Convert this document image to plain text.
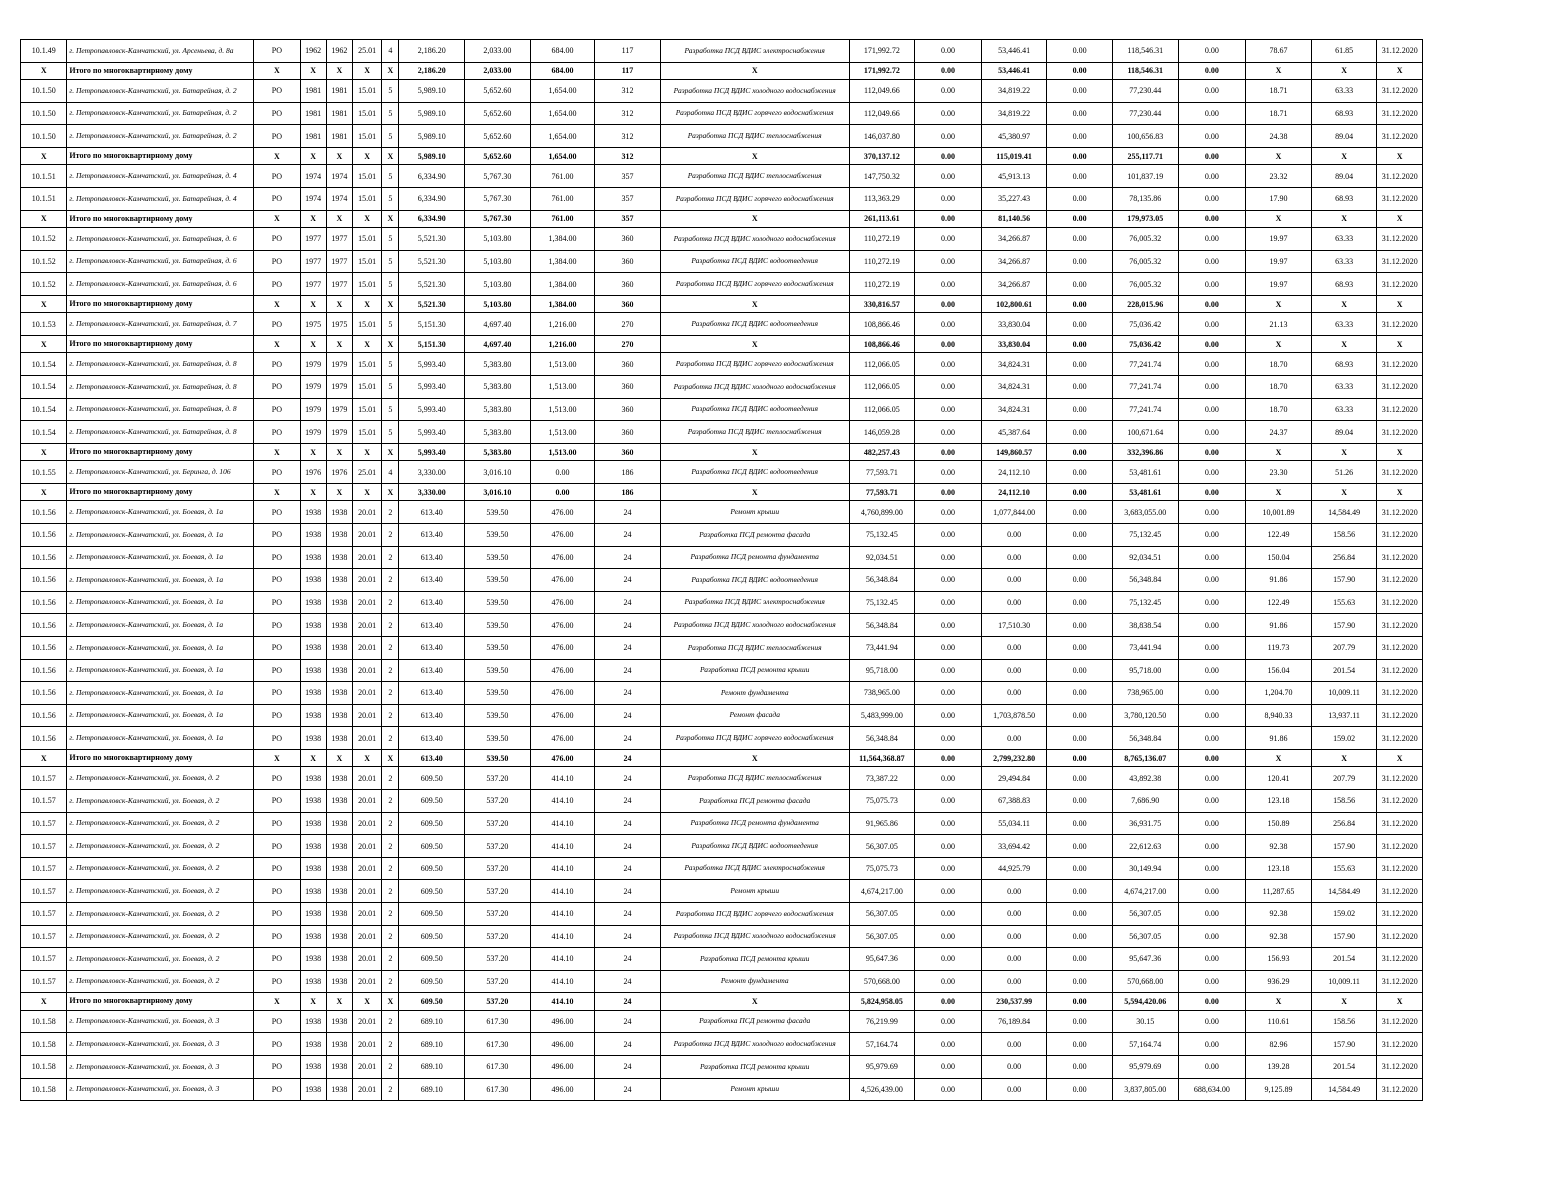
10.1.49	г. Петропавловск-Камчатский, ул. Арсеньева, д. 8а	РО	1962	1962	25.01	4	2,186.20	2,033.00	684.00	117	Разработка ПСД ВДИС электроснабжения	171,992.72	0.00	53,446.41	0.00	118,546.31	0.00	78.67	61.85	31.12.2020
X	Итого по многоквартирному дому	X	X	X	X	X	2,186.20	2,033.00	684.00	117	X	171,992.72	0.00	53,446.41	0.00	118,546.31	0.00	X	X	X
10.1.50	г. Петропавловск-Камчатский, ул. Батарейная, д. 2	РО	1981	1981	15.01	5	5,989.10	5,652.60	1,654.00	312	Разработка ПСД ВДИС холодного водоснабжения	112,049.66	0.00	34,819.22	0.00	77,230.44	0.00	18.71	63.33	31.12.2020
10.1.50	г. Петропавловск-Камчатский, ул. Батарейная, д. 2	РО	1981	1981	15.01	5	5,989.10	5,652.60	1,654.00	312	Разработка ПСД ВДИС горячего водоснабжения	112,049.66	0.00	34,819.22	0.00	77,230.44	0.00	18.71	68.93	31.12.2020
10.1.50	г. Петропавловск-Камчатский, ул. Батарейная, д. 2	РО	1981	1981	15.01	5	5,989.10	5,652.60	1,654.00	312	Разработка ПСД ВДИС теплоснабжения	146,037.80	0.00	45,380.97	0.00	100,656.83	0.00	24.38	89.04	31.12.2020
X	Итого по многоквартирному дому	X	X	X	X	X	5,989.10	5,652.60	1,654.00	312	X	370,137.12	0.00	115,019.41	0.00	255,117.71	0.00	X	X	X
10.1.51	г. Петропавловск-Камчатский, ул. Батарейная, д. 4	РО	1974	1974	15.01	5	6,334.90	5,767.30	761.00	357	Разработка ПСД ВДИС теплоснабжения	147,750.32	0.00	45,913.13	0.00	101,837.19	0.00	23.32	89.04	31.12.2020
10.1.51	г. Петропавловск-Камчатский, ул. Батарейная, д. 4	РО	1974	1974	15.01	5	6,334.90	5,767.30	761.00	357	Разработка ПСД ВДИС горячего водоснабжения	113,363.29	0.00	35,227.43	0.00	78,135.86	0.00	17.90	68.93	31.12.2020
X	Итого по многоквартирному дому	X	X	X	X	X	6,334.90	5,767.30	761.00	357	X	261,113.61	0.00	81,140.56	0.00	179,973.05	0.00	X	X	X
10.1.52	г. Петропавловск-Камчатский, ул. Батарейная, д. 6	РО	1977	1977	15.01	5	5,521.30	5,103.80	1,384.00	360	Разработка ПСД ВДИС холодного водоснабжения	110,272.19	0.00	34,266.87	0.00	76,005.32	0.00	19.97	63.33	31.12.2020
10.1.52	г. Петропавловск-Камчатский, ул. Батарейная, д. 6	РО	1977	1977	15.01	5	5,521.30	5,103.80	1,384.00	360	Разработка ПСД ВДИС водоотведения	110,272.19	0.00	34,266.87	0.00	76,005.32	0.00	19.97	63.33	31.12.2020
10.1.52	г. Петропавловск-Камчатский, ул. Батарейная, д. 6	РО	1977	1977	15.01	5	5,521.30	5,103.80	1,384.00	360	Разработка ПСД ВДИС горячего водоснабжения	110,272.19	0.00	34,266.87	0.00	76,005.32	0.00	19.97	68.93	31.12.2020
X	Итого по многоквартирному дому	X	X	X	X	X	5,521.30	5,103.80	1,384.00	360	X	330,816.57	0.00	102,800.61	0.00	228,015.96	0.00	X	X	X
10.1.53	г. Петропавловск-Камчатский, ул. Батарейная, д. 7	РО	1975	1975	15.01	5	5,151.30	4,697.40	1,216.00	270	Разработка ПСД ВДИС водоотведения	108,866.46	0.00	33,830.04	0.00	75,036.42	0.00	21.13	63.33	31.12.2020
X	Итого по многоквартирному дому	X	X	X	X	X	5,151.30	4,697.40	1,216.00	270	X	108,866.46	0.00	33,830.04	0.00	75,036.42	0.00	X	X	X
10.1.54	г. Петропавловск-Камчатский, ул. Батарейная, д. 8	РО	1979	1979	15.01	5	5,993.40	5,383.80	1,513.00	360	Разработка ПСД ВДИС горячего водоснабжения	112,066.05	0.00	34,824.31	0.00	77,241.74	0.00	18.70	68.93	31.12.2020
10.1.54	г. Петропавловск-Камчатский, ул. Батарейная, д. 8	РО	1979	1979	15.01	5	5,993.40	5,383.80	1,513.00	360	Разработка ПСД ВДИС холодного водоснабжения	112,066.05	0.00	34,824.31	0.00	77,241.74	0.00	18.70	63.33	31.12.2020
10.1.54	г. Петропавловск-Камчатский, ул. Батарейная, д. 8	РО	1979	1979	15.01	5	5,993.40	5,383.80	1,513.00	360	Разработка ПСД ВДИС водоотведения	112,066.05	0.00	34,824.31	0.00	77,241.74	0.00	18.70	63.33	31.12.2020
10.1.54	г. Петропавловск-Камчатский, ул. Батарейная, д. 8	РО	1979	1979	15.01	5	5,993.40	5,383.80	1,513.00	360	Разработка ПСД ВДИС теплоснабжения	146,059.28	0.00	45,387.64	0.00	100,671.64	0.00	24.37	89.04	31.12.2020
X	Итого по многоквартирному дому	X	X	X	X	X	5,993.40	5,383.80	1,513.00	360	X	482,257.43	0.00	149,860.57	0.00	332,396.86	0.00	X	X	X
10.1.55	г. Петропавловск-Камчатский, ул. Беринга, д. 106	РО	1976	1976	25.01	4	3,330.00	3,016.10	0.00	186	Разработка ПСД ВДИС водоотведения	77,593.71	0.00	24,112.10	0.00	53,481.61	0.00	23.30	51.26	31.12.2020
X	Итого по многоквартирному дому	X	X	X	X	X	3,330.00	3,016.10	0.00	186	X	77,593.71	0.00	24,112.10	0.00	53,481.61	0.00	X	X	X
10.1.56	г. Петропавловск-Камчатский, ул. Боевая, д. 1а	РО	1938	1938	20.01	2	613.40	539.50	476.00	24	Ремонт крыши	4,760,899.00	0.00	1,077,844.00	0.00	3,683,055.00	0.00	10,001.89	14,584.49	31.12.2020
10.1.56	г. Петропавловск-Камчатский, ул. Боевая, д. 1а	РО	1938	1938	20.01	2	613.40	539.50	476.00	24	Разработка ПСД ремонта фасада	75,132.45	0.00	0.00	0.00	75,132.45	0.00	122.49	158.56	31.12.2020
10.1.56	г. Петропавловск-Камчатский, ул. Боевая, д. 1а	РО	1938	1938	20.01	2	613.40	539.50	476.00	24	Разработка ПСД ремонта фундамента	92,034.51	0.00	0.00	0.00	92,034.51	0.00	150.04	256.84	31.12.2020
10.1.56	г. Петропавловск-Камчатский, ул. Боевая, д. 1а	РО	1938	1938	20.01	2	613.40	539.50	476.00	24	Разработка ПСД ВДИС водоотведения	56,348.84	0.00	0.00	0.00	56,348.84	0.00	91.86	157.90	31.12.2020
10.1.56	г. Петропавловск-Камчатский, ул. Боевая, д. 1а	РО	1938	1938	20.01	2	613.40	539.50	476.00	24	Разработка ПСД ВДИС электроснабжения	75,132.45	0.00	0.00	0.00	75,132.45	0.00	122.49	155.63	31.12.2020
10.1.56	г. Петропавловск-Камчатский, ул. Боевая, д. 1а	РО	1938	1938	20.01	2	613.40	539.50	476.00	24	Разработка ПСД ВДИС холодного водоснабжения	56,348.84	0.00	17,510.30	0.00	38,838.54	0.00	91.86	157.90	31.12.2020
10.1.56	г. Петропавловск-Камчатский, ул. Боевая, д. 1а	РО	1938	1938	20.01	2	613.40	539.50	476.00	24	Разработка ПСД ВДИС теплоснабжения	73,441.94	0.00	0.00	0.00	73,441.94	0.00	119.73	207.79	31.12.2020
10.1.56	г. Петропавловск-Камчатский, ул. Боевая, д. 1а	РО	1938	1938	20.01	2	613.40	539.50	476.00	24	Разработка ПСД ремонта крыши	95,718.00	0.00	0.00	0.00	95,718.00	0.00	156.04	201.54	31.12.2020
10.1.56	г. Петропавловск-Камчатский, ул. Боевая, д. 1а	РО	1938	1938	20.01	2	613.40	539.50	476.00	24	Ремонт фундамента	738,965.00	0.00	0.00	0.00	738,965.00	0.00	1,204.70	10,009.11	31.12.2020
10.1.56	г. Петропавловск-Камчатский, ул. Боевая, д. 1а	РО	1938	1938	20.01	2	613.40	539.50	476.00	24	Ремонт фасада	5,483,999.00	0.00	1,703,878.50	0.00	3,780,120.50	0.00	8,940.33	13,937.11	31.12.2020
10.1.56	г. Петропавловск-Камчатский, ул. Боевая, д. 1а	РО	1938	1938	20.01	2	613.40	539.50	476.00	24	Разработка ПСД ВДИС горячего водоснабжения	56,348.84	0.00	0.00	0.00	56,348.84	0.00	91.86	159.02	31.12.2020
X	Итого по многоквартирному дому	X	X	X	X	X	613.40	539.50	476.00	24	X	11,564,368.87	0.00	2,799,232.80	0.00	8,765,136.07	0.00	X	X	X
10.1.57	г. Петропавловск-Камчатский, ул. Боевая, д. 2	РО	1938	1938	20.01	2	609.50	537.20	414.10	24	Разработка ПСД ВДИС теплоснабжения	73,387.22	0.00	29,494.84	0.00	43,892.38	0.00	120.41	207.79	31.12.2020
10.1.57	г. Петропавловск-Камчатский, ул. Боевая, д. 2	РО	1938	1938	20.01	2	609.50	537.20	414.10	24	Разработка ПСД ремонта фасада	75,075.73	0.00	67,388.83	0.00	7,686.90	0.00	123.18	158.56	31.12.2020
10.1.57	г. Петропавловск-Камчатский, ул. Боевая, д. 2	РО	1938	1938	20.01	2	609.50	537.20	414.10	24	Разработка ПСД ремонта фундамента	91,965.86	0.00	55,034.11	0.00	36,931.75	0.00	150.89	256.84	31.12.2020
10.1.57	г. Петропавловск-Камчатский, ул. Боевая, д. 2	РО	1938	1938	20.01	2	609.50	537.20	414.10	24	Разработка ПСД ВДИС водоотведения	56,307.05	0.00	33,694.42	0.00	22,612.63	0.00	92.38	157.90	31.12.2020
10.1.57	г. Петропавловск-Камчатский, ул. Боевая, д. 2	РО	1938	1938	20.01	2	609.50	537.20	414.10	24	Разработка ПСД ВДИС электроснабжения	75,075.73	0.00	44,925.79	0.00	30,149.94	0.00	123.18	155.63	31.12.2020
10.1.57	г. Петропавловск-Камчатский, ул. Боевая, д. 2	РО	1938	1938	20.01	2	609.50	537.20	414.10	24	Ремонт крыши	4,674,217.00	0.00	0.00	0.00	4,674,217.00	0.00	11,287.65	14,584.49	31.12.2020
10.1.57	г. Петропавловск-Камчатский, ул. Боевая, д. 2	РО	1938	1938	20.01	2	609.50	537.20	414.10	24	Разработка ПСД ВДИС горячего водоснабжения	56,307.05	0.00	0.00	0.00	56,307.05	0.00	92.38	159.02	31.12.2020
10.1.57	г. Петропавловск-Камчатский, ул. Боевая, д. 2	РО	1938	1938	20.01	2	609.50	537.20	414.10	24	Разработка ПСД ВДИС холодного водоснабжения	56,307.05	0.00	0.00	0.00	56,307.05	0.00	92.38	157.90	31.12.2020
10.1.57	г. Петропавловск-Камчатский, ул. Боевая, д. 2	РО	1938	1938	20.01	2	609.50	537.20	414.10	24	Разработка ПСД ремонта крыши	95,647.36	0.00	0.00	0.00	95,647.36	0.00	156.93	201.54	31.12.2020
10.1.57	г. Петропавловск-Камчатский, ул. Боевая, д. 2	РО	1938	1938	20.01	2	609.50	537.20	414.10	24	Ремонт фундамента	570,668.00	0.00	0.00	0.00	570,668.00	0.00	936.29	10,009.11	31.12.2020
X	Итого по многоквартирному дому	X	X	X	X	X	609.50	537.20	414.10	24	X	5,824,958.05	0.00	230,537.99	0.00	5,594,420.06	0.00	X	X	X
10.1.58	г. Петропавловск-Камчатский, ул. Боевая, д. 3	РО	1938	1938	20.01	2	689.10	617.30	496.00	24	Разработка ПСД ремонта фасада	76,219.99	0.00	76,189.84	0.00	30.15	0.00	110.61	158.56	31.12.2020
10.1.58	г. Петропавловск-Камчатский, ул. Боевая, д. 3	РО	1938	1938	20.01	2	689.10	617.30	496.00	24	Разработка ПСД ВДИС холодного водоснабжения	57,164.74	0.00	0.00	0.00	57,164.74	0.00	82.96	157.90	31.12.2020
10.1.58	г. Петропавловск-Камчатский, ул. Боевая, д. 3	РО	1938	1938	20.01	2	689.10	617.30	496.00	24	Разработка ПСД ремонта крыши	95,979.69	0.00	0.00	0.00	95,979.69	0.00	139.28	201.54	31.12.2020
10.1.58	г. Петропавловск-Камчатский, ул. Боевая, д. 3	РО	1938	1938	20.01	2	689.10	617.30	496.00	24	Ремонт крыши	4,526,439.00	0.00	0.00	0.00	3,837,805.00	688,634.00	9,125.89	14,584.49	31.12.2020
